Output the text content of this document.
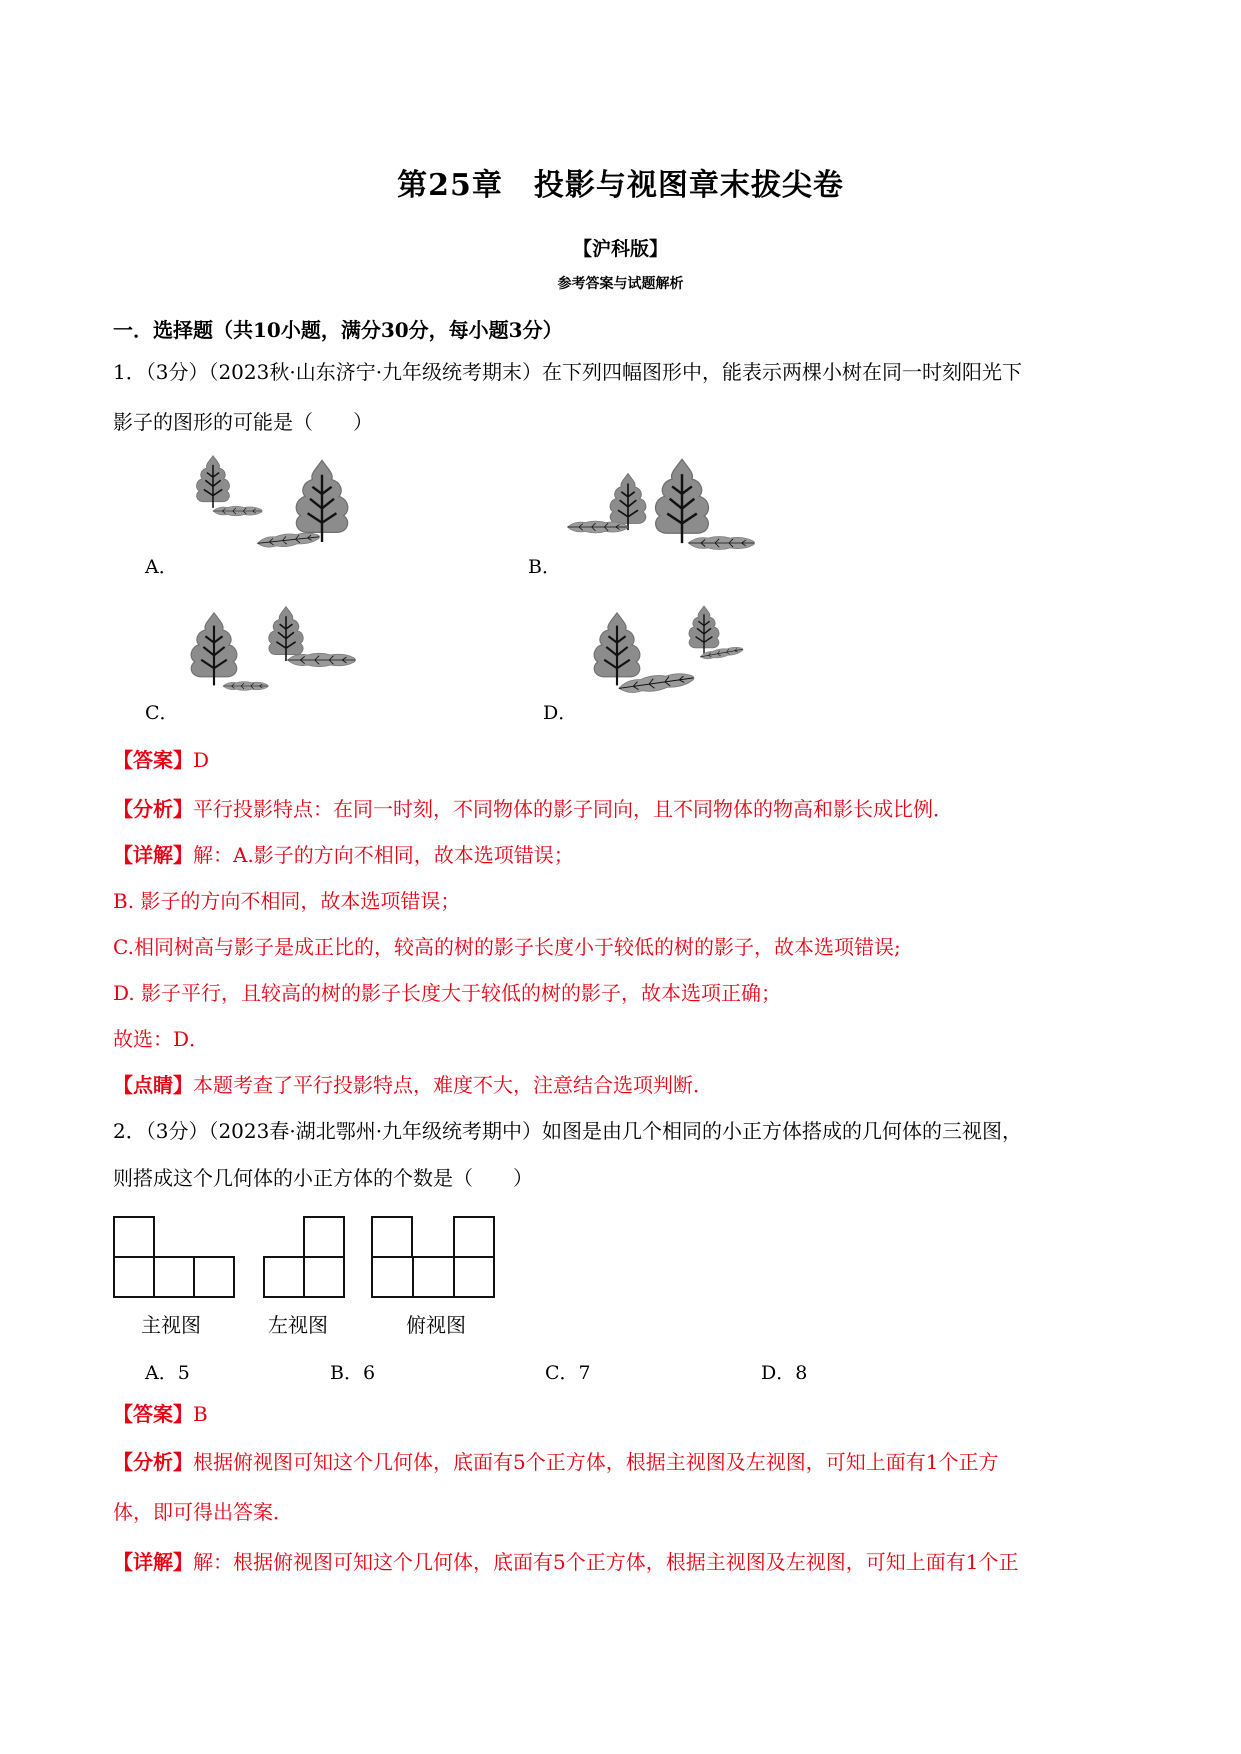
第25章　投影与视图章末拔尖卷
【沪科版】
参考答案与试题解析
一．选择题（共10小题，满分30分，每小题3分）
1．（3分）（2023秋·山东济宁·九年级统考期末）在下列四幅图形中，能表示两棵小树在同一时刻阳光下
影子的图形的可能是（　　）
A．	B．
C．	D．
【答案】D
【分析】平行投影特点：在同一时刻，不同物体的影子同向，且不同物体的物高和影长成比例．
【详解】解：A.影子的方向不相同，故本选项错误；
B. 影子的方向不相同，故本选项错误；
C.相同树高与影子是成正比的，较高的树的影子长度小于较低的树的影子，故本选项错误;
D. 影子平行，且较高的树的影子长度大于较低的树的影子，故本选项正确；
故选：D．
【点睛】本题考查了平行投影特点，难度不大，注意结合选项判断．
2．（3分）（2023春·湖北鄂州·九年级统考期中）如图是由几个相同的小正方体搭成的几何体的三视图，
则搭成这个几何体的小正方体的个数是（　　）
主视图	左视图	俯视图
A．5	B．6	C．7	D．8
【答案】B
【分析】根据俯视图可知这个几何体，底面有5个正方体，根据主视图及左视图，可知上面有1个正方
体，即可得出答案．
【详解】解：根据俯视图可知这个几何体，底面有5个正方体，根据主视图及左视图，可知上面有1个正
